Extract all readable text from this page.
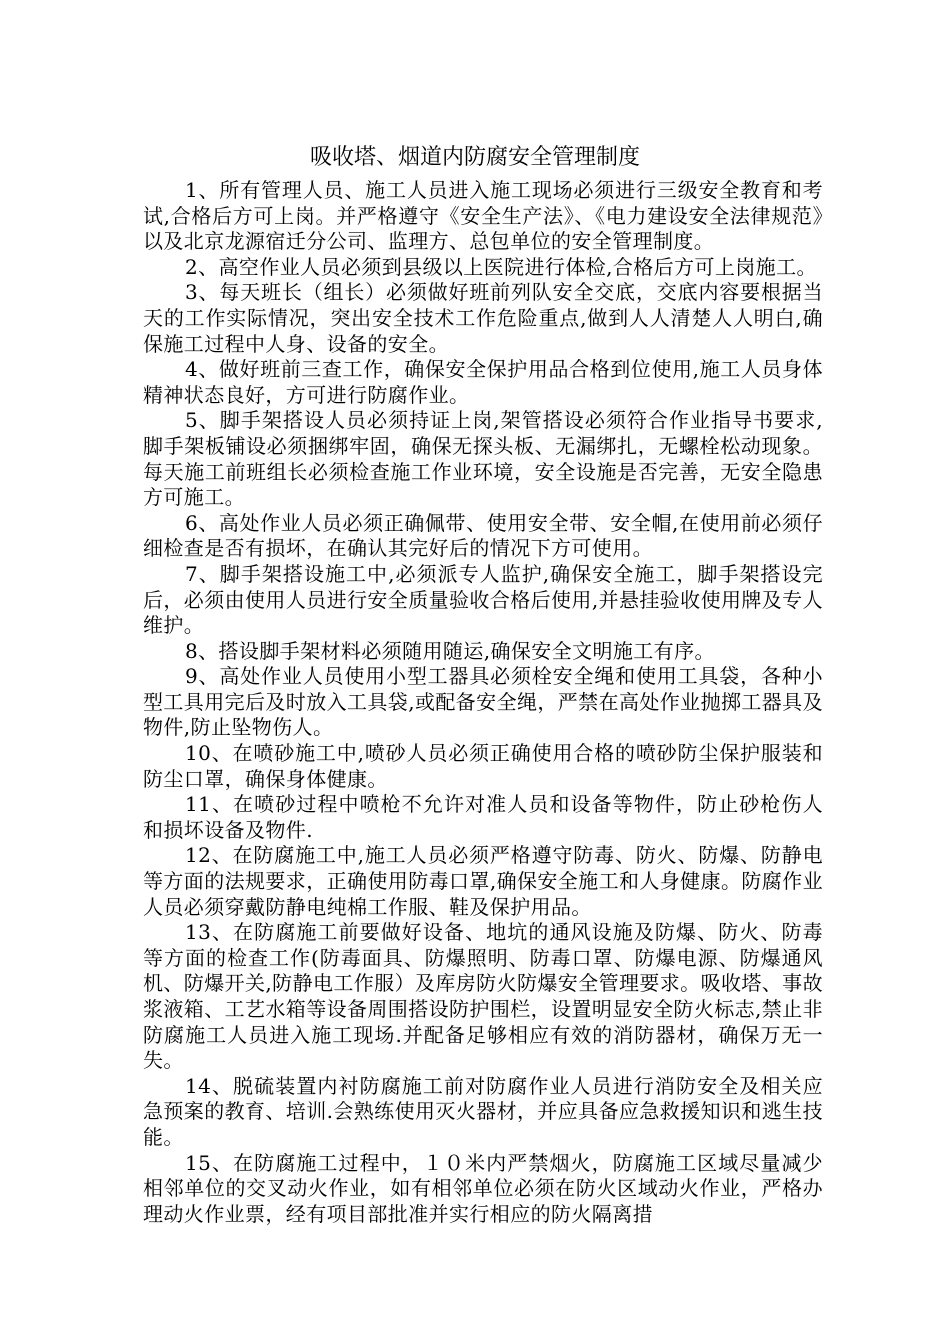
吸收塔、烟道内防腐安全管理制度

1、所有管理人员、施工人员进入施工现场必须进行三级安全教育和考试,合格后方可上岗。并严格遵守《安全生产法》、《电力建设安全法律规范》以及北京龙源宿迁分公司、监理方、总包单位的安全管理制度。

2、高空作业人员必须到县级以上医院进行体检,合格后方可上岗施工。

3、每天班长（组长）必须做好班前列队安全交底，交底内容要根据当天的工作实际情况，突出安全技术工作危险重点,做到人人清楚人人明白,确保施工过程中人身、设备的安全。

4、做好班前三查工作，确保安全保护用品合格到位使用,施工人员身体精神状态良好，方可进行防腐作业。

5、脚手架搭设人员必须持证上岗,架管搭设必须符合作业指导书要求,脚手架板铺设必须捆绑牢固，确保无探头板、无漏绑扎，无螺栓松动现象。每天施工前班组长必须检查施工作业环境，安全设施是否完善，无安全隐患方可施工。

6、高处作业人员必须正确佩带、使用安全带、安全帽,在使用前必须仔细检查是否有损坏，在确认其完好后的情况下方可使用。

7、脚手架搭设施工中,必须派专人监护,确保安全施工，脚手架搭设完后，必须由使用人员进行安全质量验收合格后使用,并悬挂验收使用牌及专人维护。

8、搭设脚手架材料必须随用随运,确保安全文明施工有序。

9、高处作业人员使用小型工器具必须栓安全绳和使用工具袋，各种小型工具用完后及时放入工具袋,或配备安全绳，严禁在高处作业抛掷工器具及物件,防止坠物伤人。

10、在喷砂施工中,喷砂人员必须正确使用合格的喷砂防尘保护服装和防尘口罩，确保身体健康。

11、在喷砂过程中喷枪不允许对准人员和设备等物件，防止砂枪伤人和损坏设备及物件.

12、在防腐施工中,施工人员必须严格遵守防毒、防火、防爆、防静电等方面的法规要求，正确使用防毒口罩,确保安全施工和人身健康。防腐作业人员必须穿戴防静电纯棉工作服、鞋及保护用品。

13、在防腐施工前要做好设备、地坑的通风设施及防爆、防火、防毒等方面的检查工作(防毒面具、防爆照明、防毒口罩、防爆电源、防爆通风机、防爆开关,防静电工作服）及库房防火防爆安全管理要求。吸收塔、事故浆液箱、工艺水箱等设备周围搭设防护围栏，设置明显安全防火标志,禁止非防腐施工人员进入施工现场.并配备足够相应有效的消防器材，确保万无一失。

14、脱硫装置内衬防腐施工前对防腐作业人员进行消防安全及相关应急预案的教育、培训.会熟练使用灭火器材，并应具备应急救援知识和逃生技能。

15、在防腐施工过程中，１０米内严禁烟火，防腐施工区域尽量减少相邻单位的交叉动火作业，如有相邻单位必须在防火区域动火作业，严格办理动火作业票，经有项目部批准并实行相应的防火隔离措
